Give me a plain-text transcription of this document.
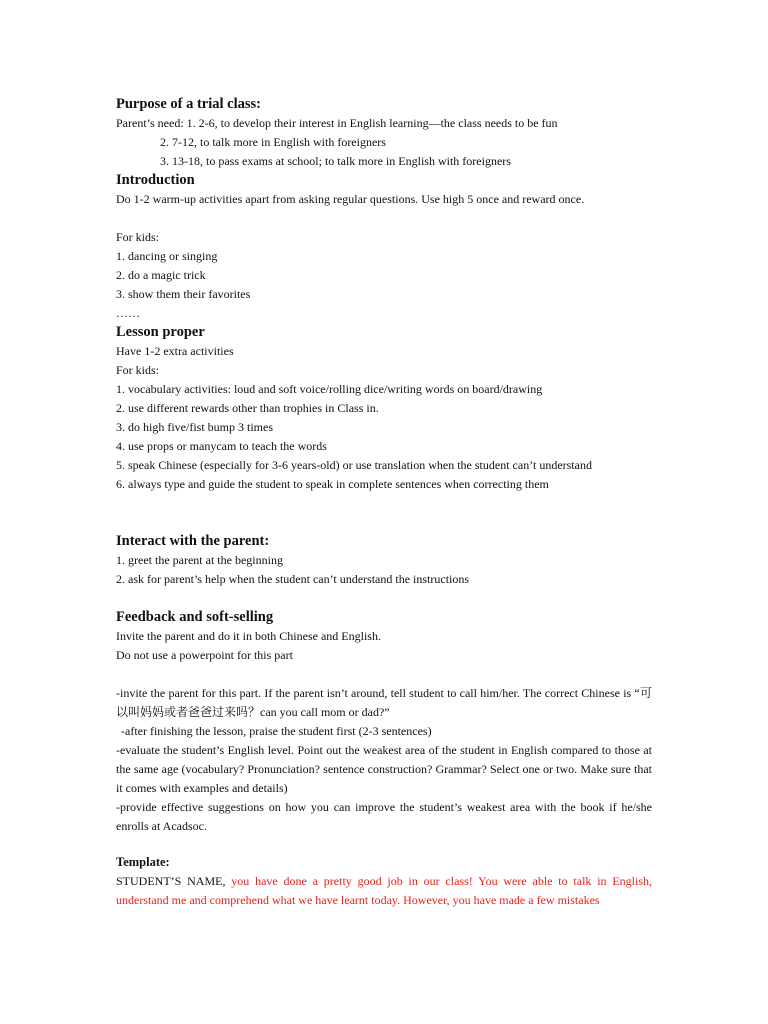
Purpose of a trial class:

Parent’s need: 1. 2-6, to develop their interest in English learning—the class needs to be fun

2. 7-12, to talk more in English with foreigners

3. 13-18, to pass exams at school; to talk more in English with foreigners

Introduction

Do 1-2 warm-up activities apart from asking regular questions. Use high 5 once and reward once.

For kids:

1. dancing or singing

2. do a magic trick

3. show them their favorites

……

Lesson proper

Have 1-2 extra activities

For kids:

1. vocabulary activities: loud and soft voice/rolling dice/writing words on board/drawing

2. use different rewards other than trophies in Class in.

3. do high five/fist bump 3 times

4. use props or manycam to teach the words

5. speak Chinese (especially for 3-6 years-old) or use translation when the student can’t understand

6. always type and guide the student to speak in complete sentences when correcting them

Interact with the parent:

1. greet the parent at the beginning

2. ask for parent’s help when the student can’t understand the instructions

Feedback and soft-selling

Invite the parent and do it in both Chinese and English.

Do not use a powerpoint for this part

-invite the parent for this part. If the parent isn’t around, tell student to call him/her. The correct Chinese is “可以叫妈妈或者爸爸过来吗？can you call mom or dad?”

-after finishing the lesson, praise the student first (2-3 sentences)

-evaluate the student’s English level. Point out the weakest area of the student in English compared to those at the same age (vocabulary? Pronunciation? sentence construction? Grammar? Select one or two. Make sure that it comes with examples and details)

-provide effective suggestions on how you can improve the student’s weakest area with the book if he/she enrolls at Acadsoc.

Template:

STUDENT’S NAME, you have done a pretty good job in our class! You were able to talk in English, understand me and comprehend what we have learnt today. However, you have made a few mistakes
